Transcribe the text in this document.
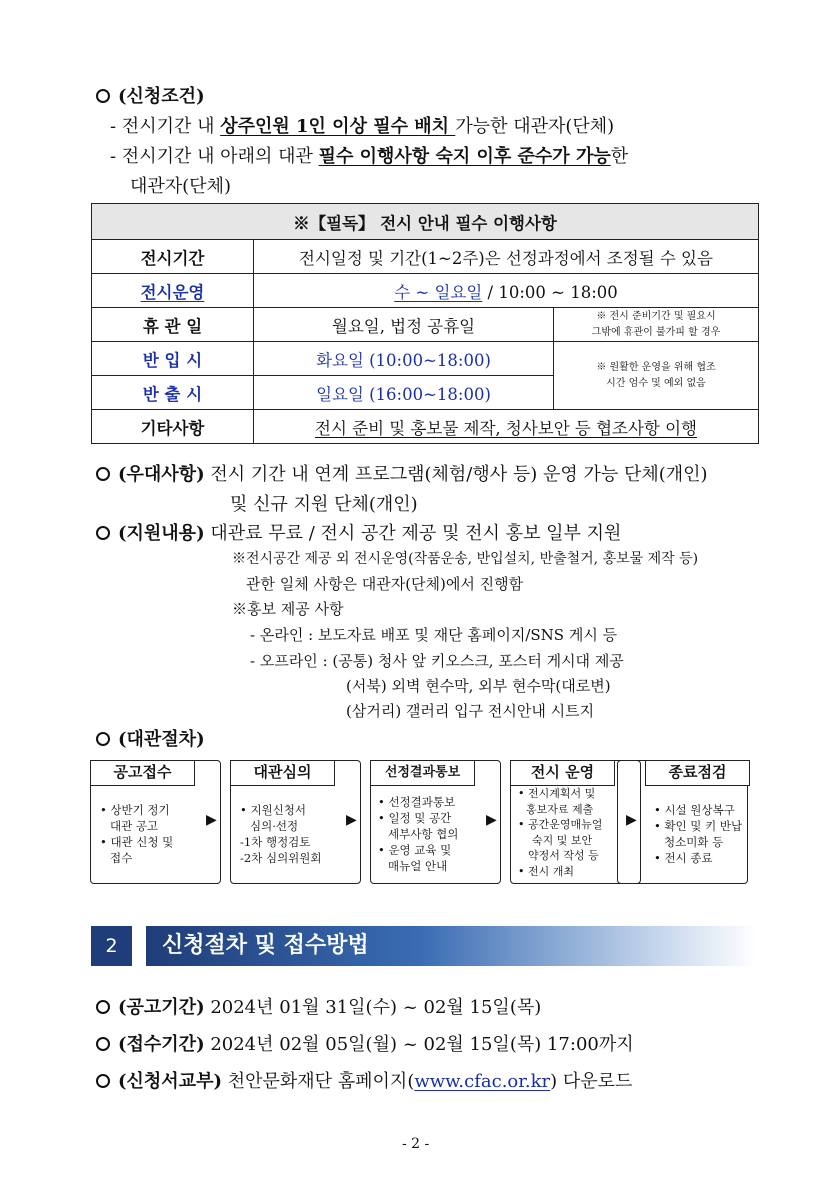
(신청조건)
- 전시기간 내 상주인원 1인 이상 필수 배치 가능한 대관자(단체)
- 전시기간 내 아래의 대관 필수 이행사항 숙지 이후 준수가 가능한
대관자(단체)
※【필독】 전시 안내 필수 이행사항		
전시기간	전시일정 및 기간(1~2주)은 선정과정에서 조정될 수 있음	
전시운영	수 ~ 일요일 / 10:00 ~ 18:00	
휴 관 일	월요일, 법정 공휴일	※ 전시 준비기간 및 필요시
그밖에 휴관이 불가피 할 경우

반 입 시	화요일 (10:00~18:00)	※ 원활한 운영을 위해 협조
시간 엄수 및 예외 없음

반 출 시	일요일 (16:00~18:00)	
기타사항	전시 준비 및 홍보물 제작, 청사보안 등 협조사항 이행	
(우대사항) 전시 기간 내 연계 프로그램(체험/행사 등) 운영 가능 단체(개인)
및 신규 지원 단체(개인)
(지원내용) 대관료 무료 / 전시 공간 제공 및 전시 홍보 일부 지원
※전시공간 제공 외 전시운영(작품운송, 반입설치, 반출철거, 홍보물 제작 등)
관한 일체 사항은 대관자(단체)에서 진행함
※홍보 제공 사항
- 온라인 : 보도자료 배포 및 재단 홈페이지/SNS 게시 등
- 오프라인 : (공통) 청사 앞 키오스크, 포스터 게시대 제공
(서북) 외벽 현수막, 외부 현수막(대로변)
(삼거리) 갤러리 입구 전시안내 시트지
(대관절차)
공고접수
• 상반기 정기
대관 공고
• 대관 신청 및
접수
▶
대관심의
• 지원신청서
심의·선정
-1차 행정검토
-2차 심의위원회
▶
선정결과통보
• 선정결과통보
• 일정 및 공간
세부사항 협의
• 운영 교육 및
매뉴얼 안내
▶
전시 운영
• 전시계획서 및
홍보자료 제출
• 공간운영매뉴얼
숙지 및 보안
약정서 작성 등
• 전시 개최
▶
종료점검
• 시설 원상복구
• 확인 및 키 반납
청소미화 등
• 전시 종료
2	신청절차 및 접수방법
(공고기간) 2024년 01월 31일(수) ~ 02월 15일(목)
(접수기간) 2024년 02월 05일(월) ~ 02월 15일(목) 17:00까지
(신청서교부) 천안문화재단 홈페이지(www.cfac.or.kr) 다운로드
- 2 -
